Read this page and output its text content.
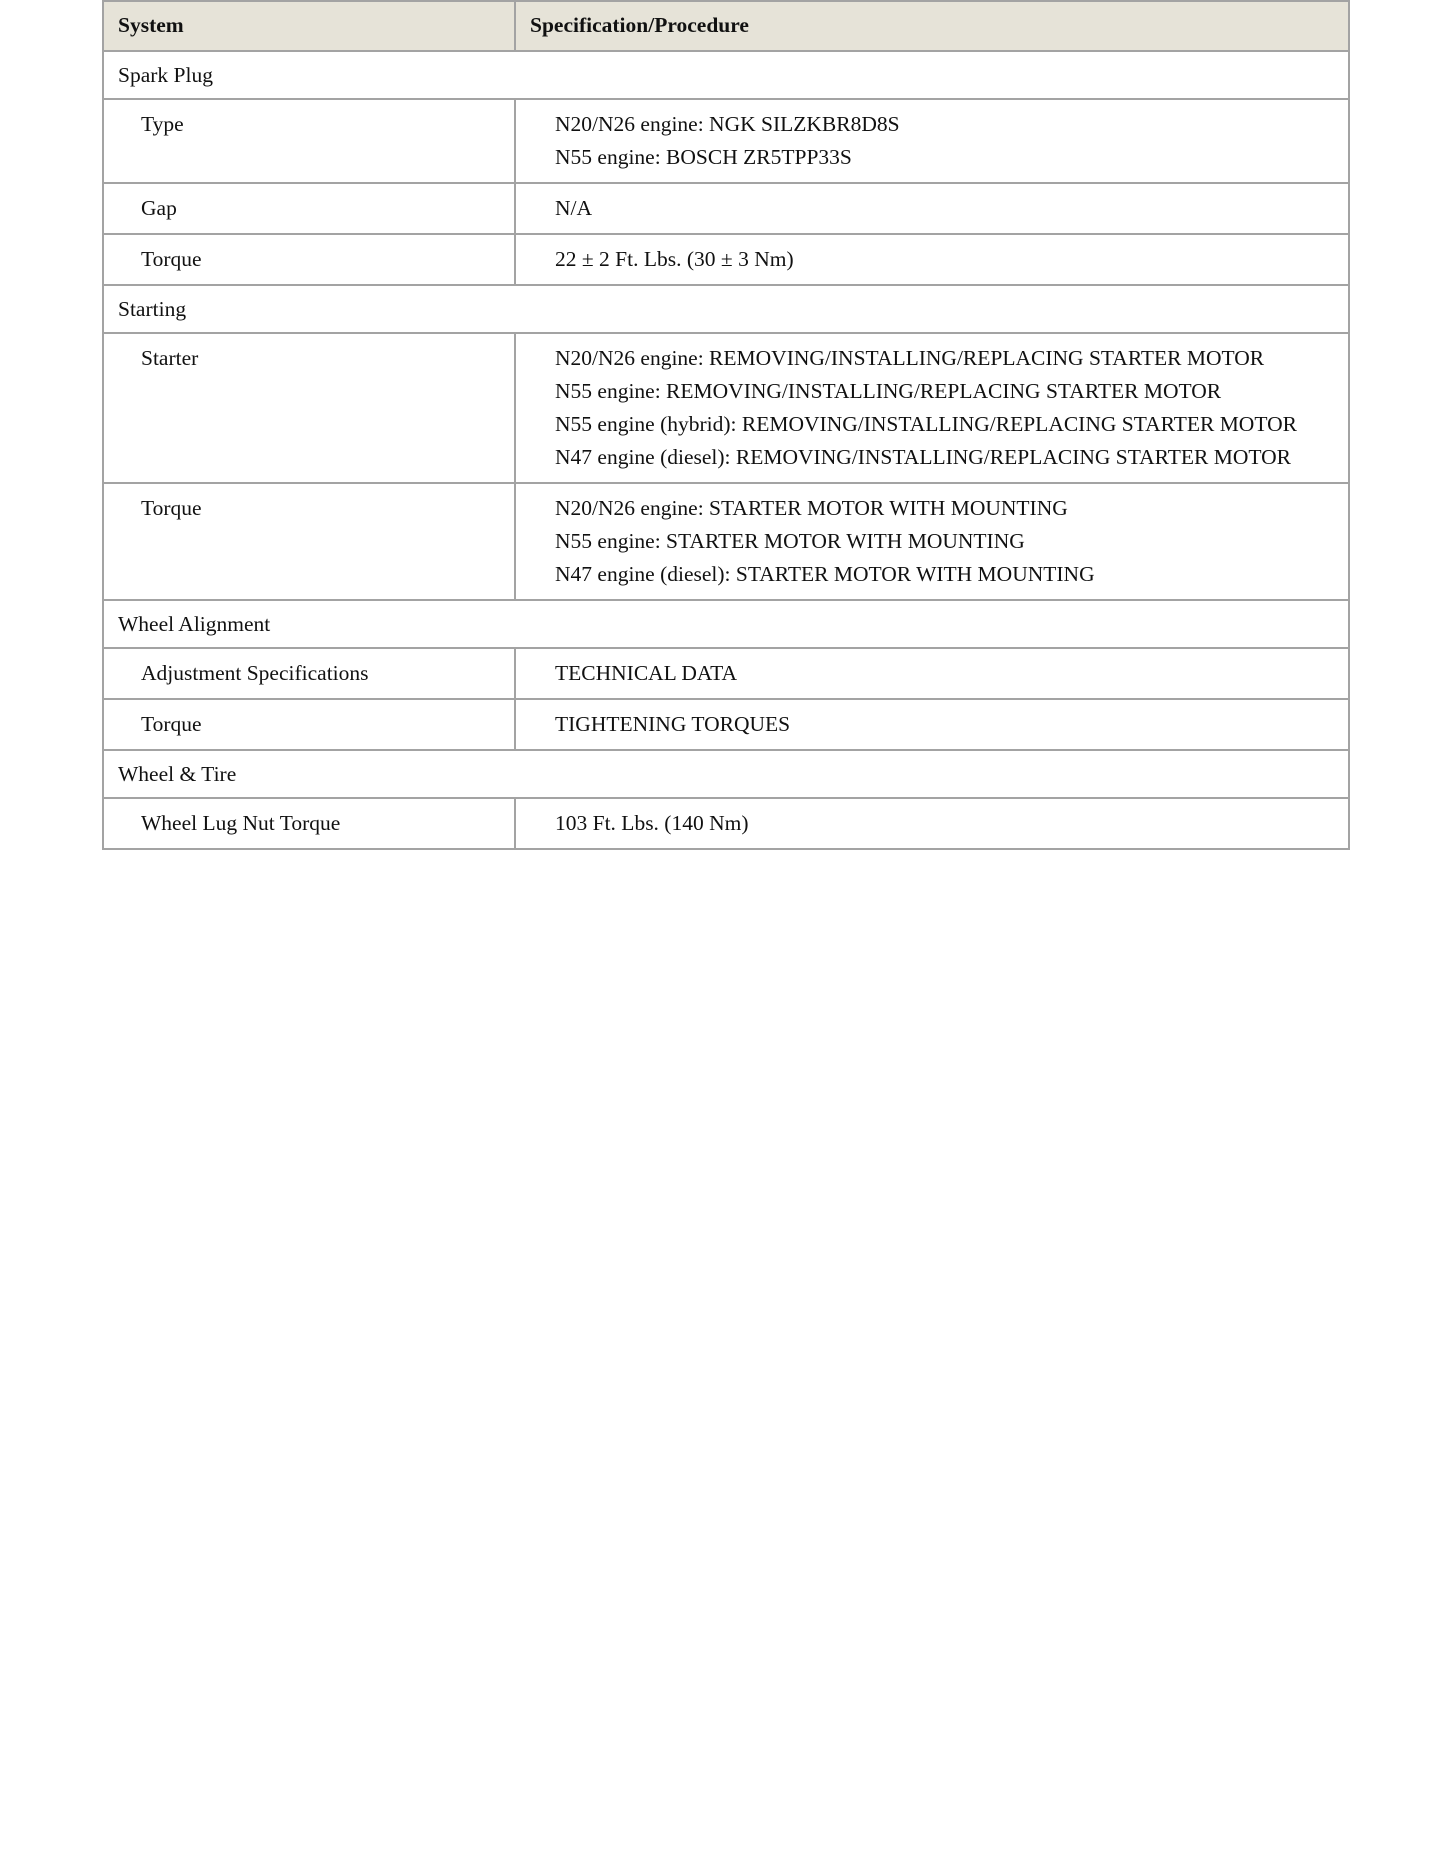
System	Specification/Procedure
Spark Plug	
Type	N20/N26 engine: NGK SILZKBR8D8S
N55 engine: BOSCH ZR5TPP33S

Gap	N/A

Torque	22 ± 2 Ft. Lbs. (30 ± 3 Nm)

Starting	
Starter	N20/N26 engine: REMOVING/INSTALLING/REPLACING STARTER MOTOR
N55 engine: REMOVING/INSTALLING/REPLACING STARTER MOTOR
N55 engine (hybrid): REMOVING/INSTALLING/REPLACING STARTER MOTOR
N47 engine (diesel): REMOVING/INSTALLING/REPLACING STARTER MOTOR

Torque	N20/N26 engine: STARTER MOTOR WITH MOUNTING
N55 engine: STARTER MOTOR WITH MOUNTING
N47 engine (diesel): STARTER MOTOR WITH MOUNTING

Wheel Alignment	
Adjustment Specifications	TECHNICAL DATA

Torque	TIGHTENING TORQUES

Wheel & Tire	
Wheel Lug Nut Torque	103 Ft. Lbs. (140 Nm)
